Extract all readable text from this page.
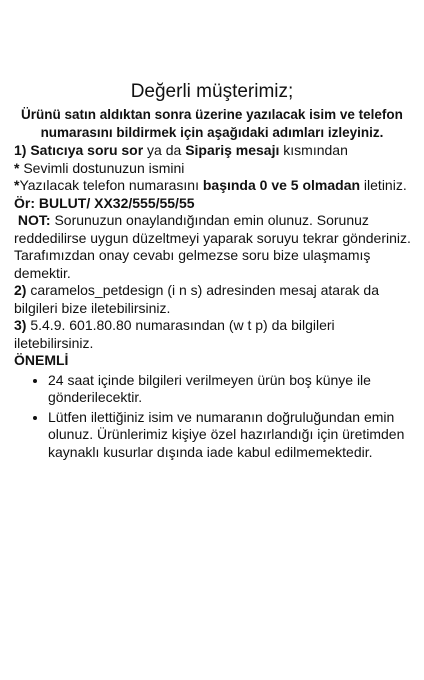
Değerli müşterimiz;
Ürünü satın aldıktan sonra üzerine yazılacak isim ve telefon numarasını bildirmek için aşağıdaki adımları izleyiniz.

1) Satıcıya soru sor ya da Sipariş mesajı kısmından

* Sevimli dostunuzun ismini

*Yazılacak telefon numarasını başında 0 ve 5 olmadan iletiniz.

Ör: BULUT/ XX32/555/55/55

NOT: Sorunuzun onaylandığından emin olunuz. Sorunuz reddedilirse uygun düzeltmeyi yaparak soruyu tekrar gönderiniz. Tarafımızdan onay cevabı gelmezse soru bize ulaşmamış demektir.

2) caramelos_petdesign (i n s) adresinden mesaj atarak da bilgileri bize iletebilirsiniz.

3) 5.4.9. 601.80.80 numarasından (w t p) da bilgileri iletebilirsiniz.

ÖNEMLİ

• 24 saat içinde bilgileri verilmeyen ürün boş künye ile gönderilecektir.
• Lütfen ilettiğiniz isim ve numaranın doğruluğundan emin olunuz. Ürünlerimiz kişiye özel hazırlandığı için üretimden kaynaklı kusurlar dışında iade kabul edilmemektedir.
